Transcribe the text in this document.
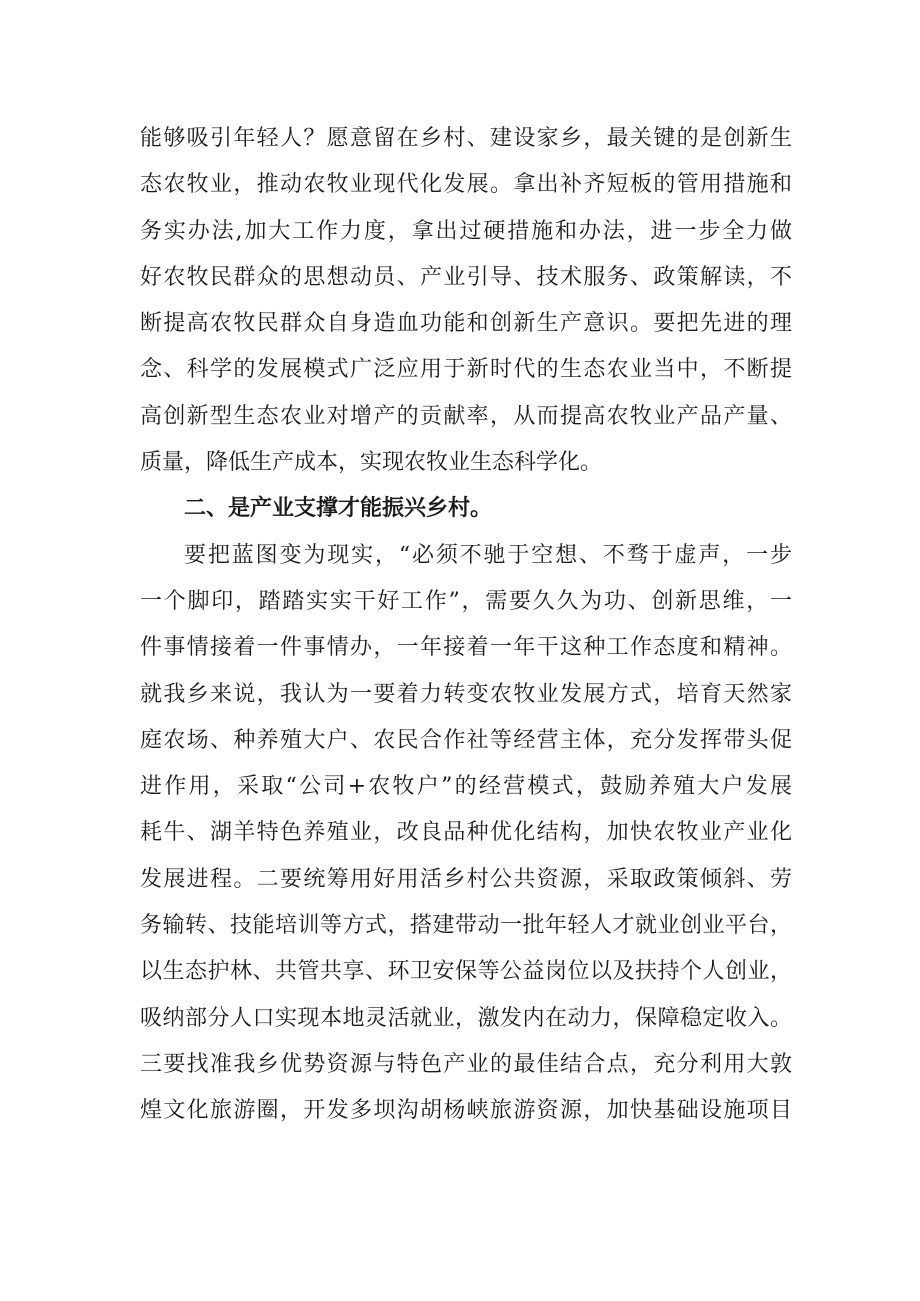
能够吸引年轻人？愿意留在乡村、建设家乡，最关键的是创新生
态农牧业，推动农牧业现代化发展。拿出补齐短板的管用措施和
务实办法,加大工作力度，拿出过硬措施和办法，进一步全力做
好农牧民群众的思想动员、产业引导、技术服务、政策解读，不
断提高农牧民群众自身造血功能和创新生产意识。要把先进的理
念、科学的发展模式广泛应用于新时代的生态农业当中，不断提
高创新型生态农业对增产的贡献率，从而提高农牧业产品产量、
质量，降低生产成本，实现农牧业生态科学化。
二、是产业支撑才能振兴乡村。
要把蓝图变为现实，“必须不驰于空想、不骛于虚声，一步
一个脚印，踏踏实实干好工作”，需要久久为功、创新思维，一
件事情接着一件事情办，一年接着一年干这种工作态度和精神。
就我乡来说，我认为一要着力转变农牧业发展方式，培育天然家
庭农场、种养殖大户、农民合作社等经营主体，充分发挥带头促
进作用，采取“公司+农牧户”的经营模式，鼓励养殖大户发展
耗牛、湖羊特色养殖业，改良品种优化结构，加快农牧业产业化
发展进程。二要统筹用好用活乡村公共资源，采取政策倾斜、劳
务输转、技能培训等方式，搭建带动一批年轻人才就业创业平台，
以生态护林、共管共享、环卫安保等公益岗位以及扶持个人创业，
吸纳部分人口实现本地灵活就业，激发内在动力，保障稳定收入。
三要找准我乡优势资源与特色产业的最佳结合点，充分利用大敦
煌文化旅游圈，开发多坝沟胡杨峡旅游资源，加快基础设施项目
